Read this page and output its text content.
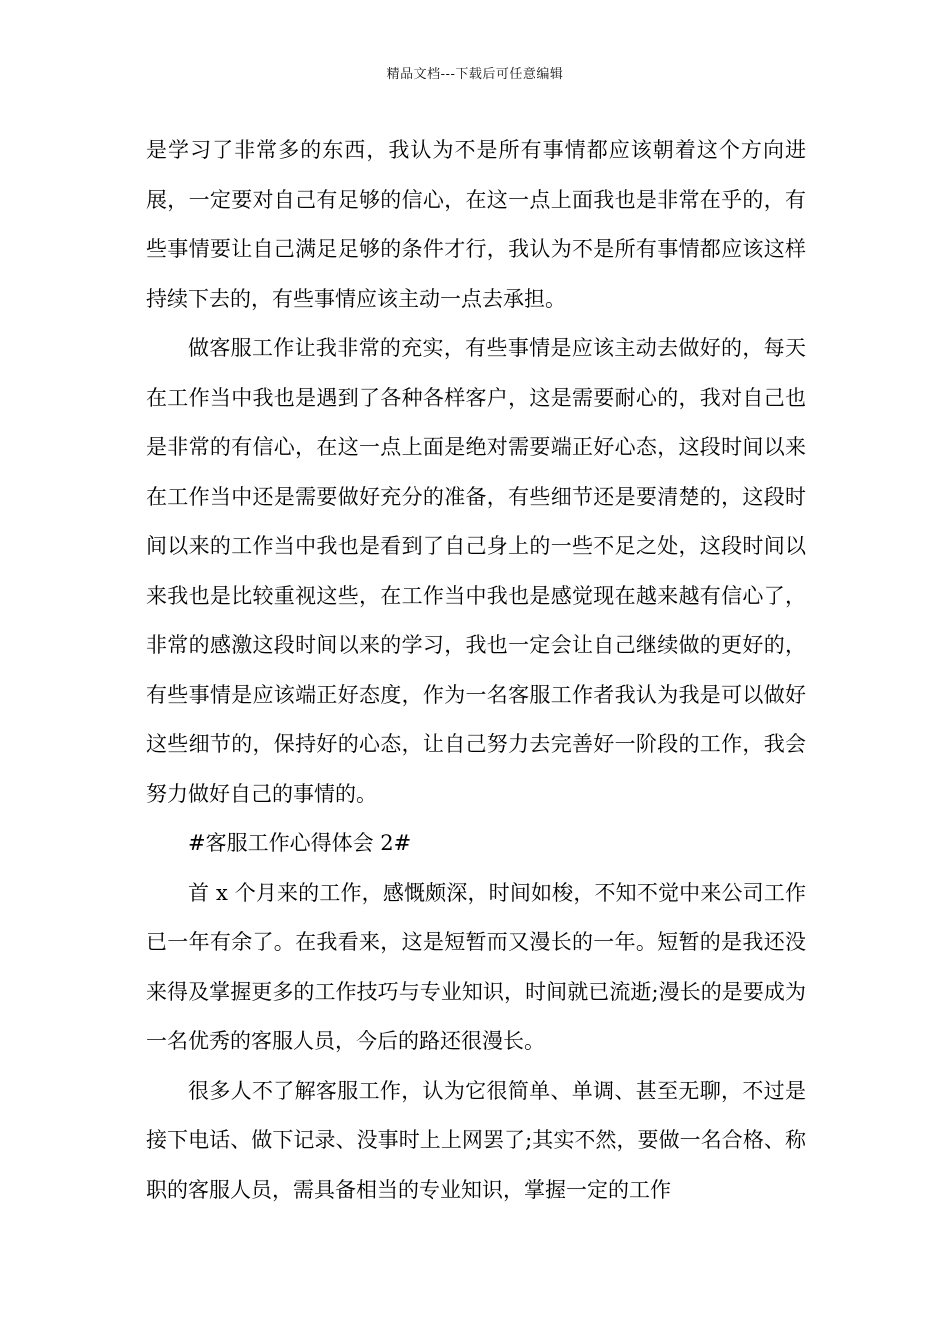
精品文档---下载后可任意编辑

是学习了非常多的东西，我认为不是所有事情都应该朝着这个方向进展，一定要对自己有足够的信心，在这一点上面我也是非常在乎的，有些事情要让自己满足足够的条件才行，我认为不是所有事情都应该这样持续下去的，有些事情应该主动一点去承担。

做客服工作让我非常的充实，有些事情是应该主动去做好的，每天在工作当中我也是遇到了各种各样客户，这是需要耐心的，我对自己也是非常的有信心，在这一点上面是绝对需要端正好心态，这段时间以来在工作当中还是需要做好充分的准备，有些细节还是要清楚的，这段时间以来的工作当中我也是看到了自己身上的一些不足之处，这段时间以来我也是比较重视这些，在工作当中我也是感觉现在越来越有信心了，非常的感激这段时间以来的学习，我也一定会让自己继续做的更好的，有些事情是应该端正好态度，作为一名客服工作者我认为我是可以做好这些细节的，保持好的心态，让自己努力去完善好一阶段的工作，我会努力做好自己的事情的。

#客服工作心得体会 2#

首 x 个月来的工作，感慨颇深，时间如梭，不知不觉中来公司工作已一年有余了。在我看来，这是短暂而又漫长的一年。短暂的是我还没来得及掌握更多的工作技巧与专业知识，时间就已流逝;漫长的是要成为一名优秀的客服人员，今后的路还很漫长。

很多人不了解客服工作，认为它很简单、单调、甚至无聊，不过是接下电话、做下记录、没事时上上网罢了;其实不然，要做一名合格、称职的客服人员，需具备相当的专业知识，掌握一定的工作
